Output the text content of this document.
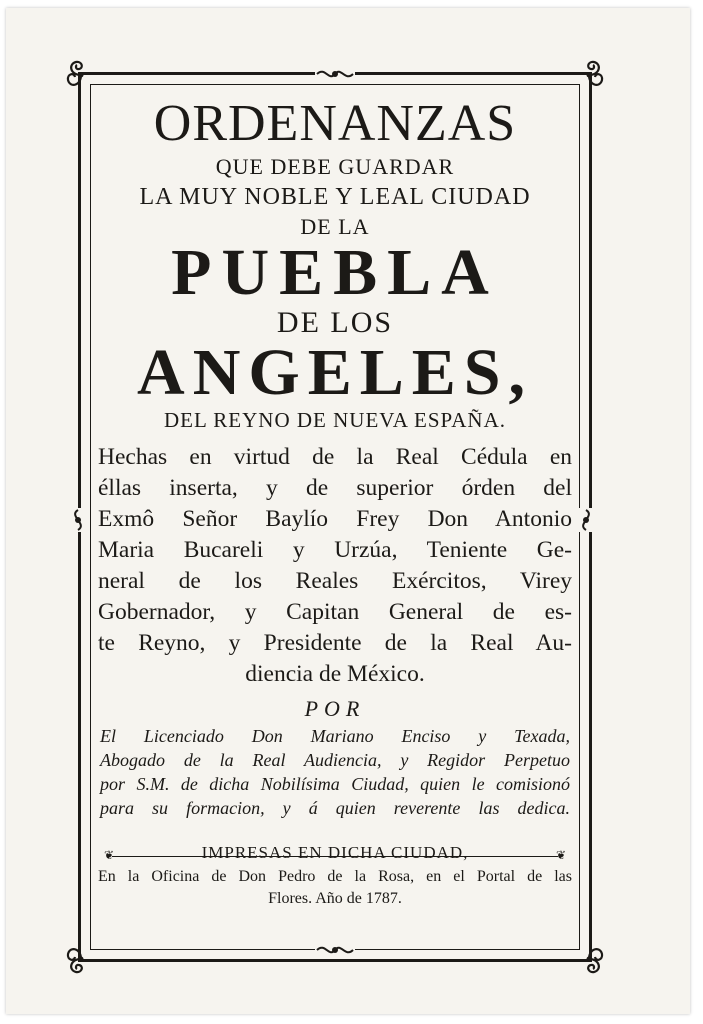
ORDENANZAS
QUE DEBE GUARDAR
LA MUY NOBLE Y LEAL CIUDAD
DE LA
PUEBLA
DE LOS
ANGELES,
DEL REYNO DE NUEVA ESPAÑA.
Hechas en virtud de la Real Cédula en
éllas inserta, y de superior órden del
Exmô Señor Baylío Frey Don Antonio
Maria Bucareli y Urzúa, Teniente Ge-
neral de los Reales Exércitos, Virey
Gobernador, y Capitan General de es-
te Reyno, y Presidente de la Real Au-
diencia de México.
POR
El Licenciado Don Mariano Enciso y Texada,
Abogado de la Real Audiencia, y Regidor Perpetuo
por S.M. de dicha Nobilísima Ciudad, quien le comisionó
para su formacion, y á quien reverente las dedica.
IMPRESAS EN DICHA CIUDAD,
En la Oficina de Don Pedro de la Rosa, en el Portal de las
Flores. Año de 1787.
❦	❦
